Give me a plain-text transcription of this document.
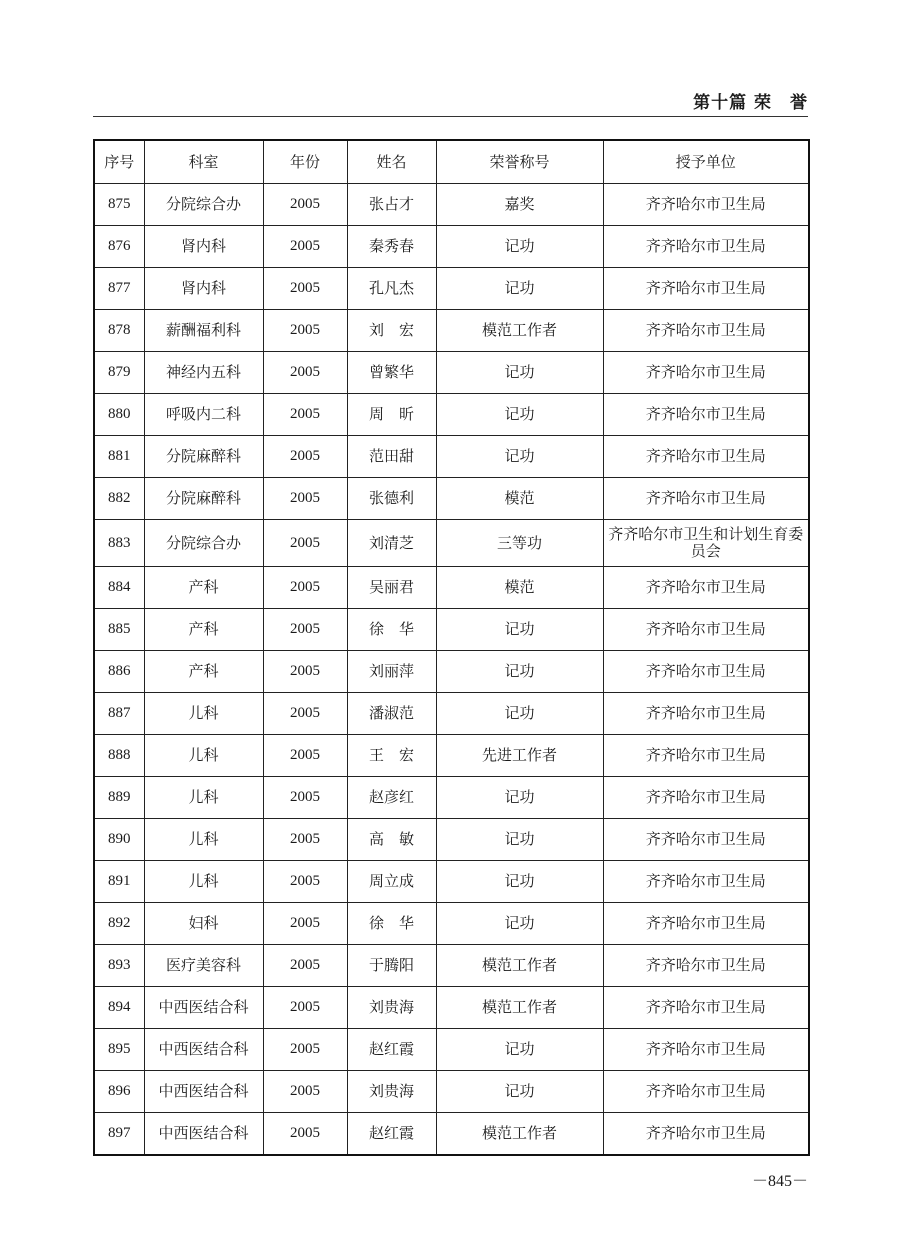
第十篇 荣　誉
序号	科室	年份	姓名	荣誉称号	授予单位
875	分院综合办	2005	张占才	嘉奖	齐齐哈尔市卫生局
876	肾内科	2005	秦秀春	记功	齐齐哈尔市卫生局
877	肾内科	2005	孔凡杰	记功	齐齐哈尔市卫生局
878	薪酬福利科	2005	刘　宏	模范工作者	齐齐哈尔市卫生局
879	神经内五科	2005	曾繁华	记功	齐齐哈尔市卫生局
880	呼吸内二科	2005	周　昕	记功	齐齐哈尔市卫生局
881	分院麻醉科	2005	范田甜	记功	齐齐哈尔市卫生局
882	分院麻醉科	2005	张德利	模范	齐齐哈尔市卫生局
883	分院综合办	2005	刘清芝	三等功	齐齐哈尔市卫生和计划生育委员会
884	产科	2005	吴丽君	模范	齐齐哈尔市卫生局
885	产科	2005	徐　华	记功	齐齐哈尔市卫生局
886	产科	2005	刘丽萍	记功	齐齐哈尔市卫生局
887	儿科	2005	潘淑范	记功	齐齐哈尔市卫生局
888	儿科	2005	王　宏	先进工作者	齐齐哈尔市卫生局
889	儿科	2005	赵彦红	记功	齐齐哈尔市卫生局
890	儿科	2005	高　敏	记功	齐齐哈尔市卫生局
891	儿科	2005	周立成	记功	齐齐哈尔市卫生局
892	妇科	2005	徐　华	记功	齐齐哈尔市卫生局
893	医疗美容科	2005	于腾阳	模范工作者	齐齐哈尔市卫生局
894	中西医结合科	2005	刘贵海	模范工作者	齐齐哈尔市卫生局
895	中西医结合科	2005	赵红霞	记功	齐齐哈尔市卫生局
896	中西医结合科	2005	刘贵海	记功	齐齐哈尔市卫生局
897	中西医结合科	2005	赵红霞	模范工作者	齐齐哈尔市卫生局
－845－
